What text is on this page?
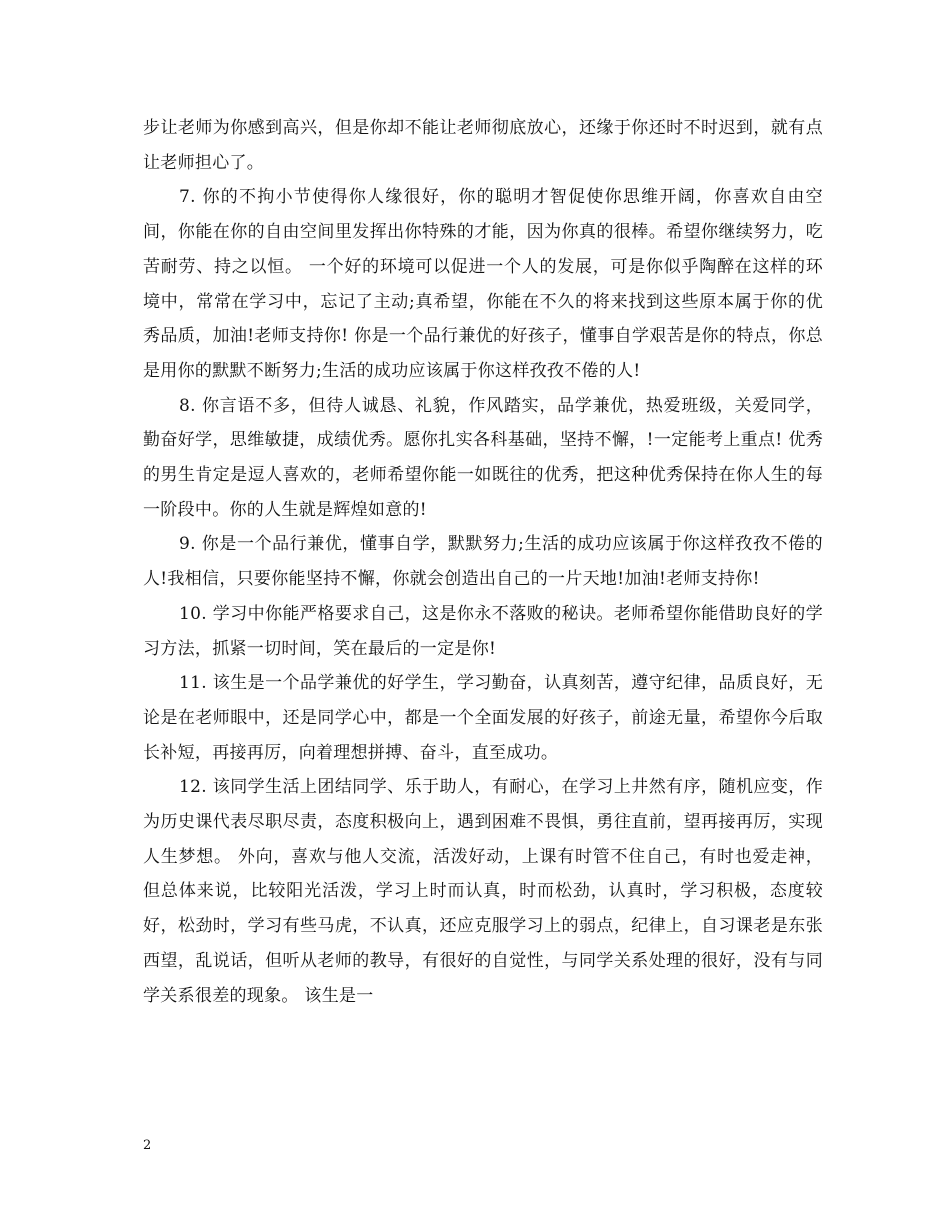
步让老师为你感到高兴，但是你却不能让老师彻底放心，还缘于你还时不时迟到，就有点让老师担心了。

7. 你的不拘小节使得你人缘很好，你的聪明才智促使你思维开阔，你喜欢自由空间，你能在你的自由空间里发挥出你特殊的才能，因为你真的很棒。希望你继续努力，吃苦耐劳、持之以恒。 一个好的环境可以促进一个人的发展，可是你似乎陶醉在这样的环境中，常常在学习中，忘记了主动;真希望，你能在不久的将来找到这些原本属于你的优秀品质，加油!老师支持你! 你是一个品行兼优的好孩子，懂事自学艰苦是你的特点，你总是用你的默默不断努力;生活的成功应该属于你这样孜孜不倦的人!

8. 你言语不多，但待人诚恳、礼貌，作风踏实，品学兼优，热爱班级，关爱同学，勤奋好学，思维敏捷，成绩优秀。愿你扎实各科基础，坚持不懈，!一定能考上重点! 优秀的男生肯定是逗人喜欢的，老师希望你能一如既往的优秀，把这种优秀保持在你人生的每一阶段中。你的人生就是辉煌如意的!

9. 你是一个品行兼优，懂事自学，默默努力;生活的成功应该属于你这样孜孜不倦的人!我相信，只要你能坚持不懈，你就会创造出自己的一片天地!加油!老师支持你!

10. 学习中你能严格要求自己，这是你永不落败的秘诀。老师希望你能借助良好的学习方法，抓紧一切时间，笑在最后的一定是你!

11. 该生是一个品学兼优的好学生，学习勤奋，认真刻苦，遵守纪律，品质良好，无论是在老师眼中，还是同学心中，都是一个全面发展的好孩子，前途无量，希望你今后取长补短，再接再厉，向着理想拼搏、奋斗，直至成功。

12. 该同学生活上团结同学、乐于助人，有耐心，在学习上井然有序，随机应变，作为历史课代表尽职尽责，态度积极向上，遇到困难不畏惧，勇往直前，望再接再厉，实现人生梦想。 外向，喜欢与他人交流，活泼好动，上课有时管不住自己，有时也爱走神，但总体来说，比较阳光活泼，学习上时而认真，时而松劲，认真时，学习积极，态度较好，松劲时，学习有些马虎，不认真，还应克服学习上的弱点，纪律上，自习课老是东张西望，乱说话，但听从老师的教导，有很好的自觉性，与同学关系处理的很好，没有与同学关系很差的现象。 该生是一

2
